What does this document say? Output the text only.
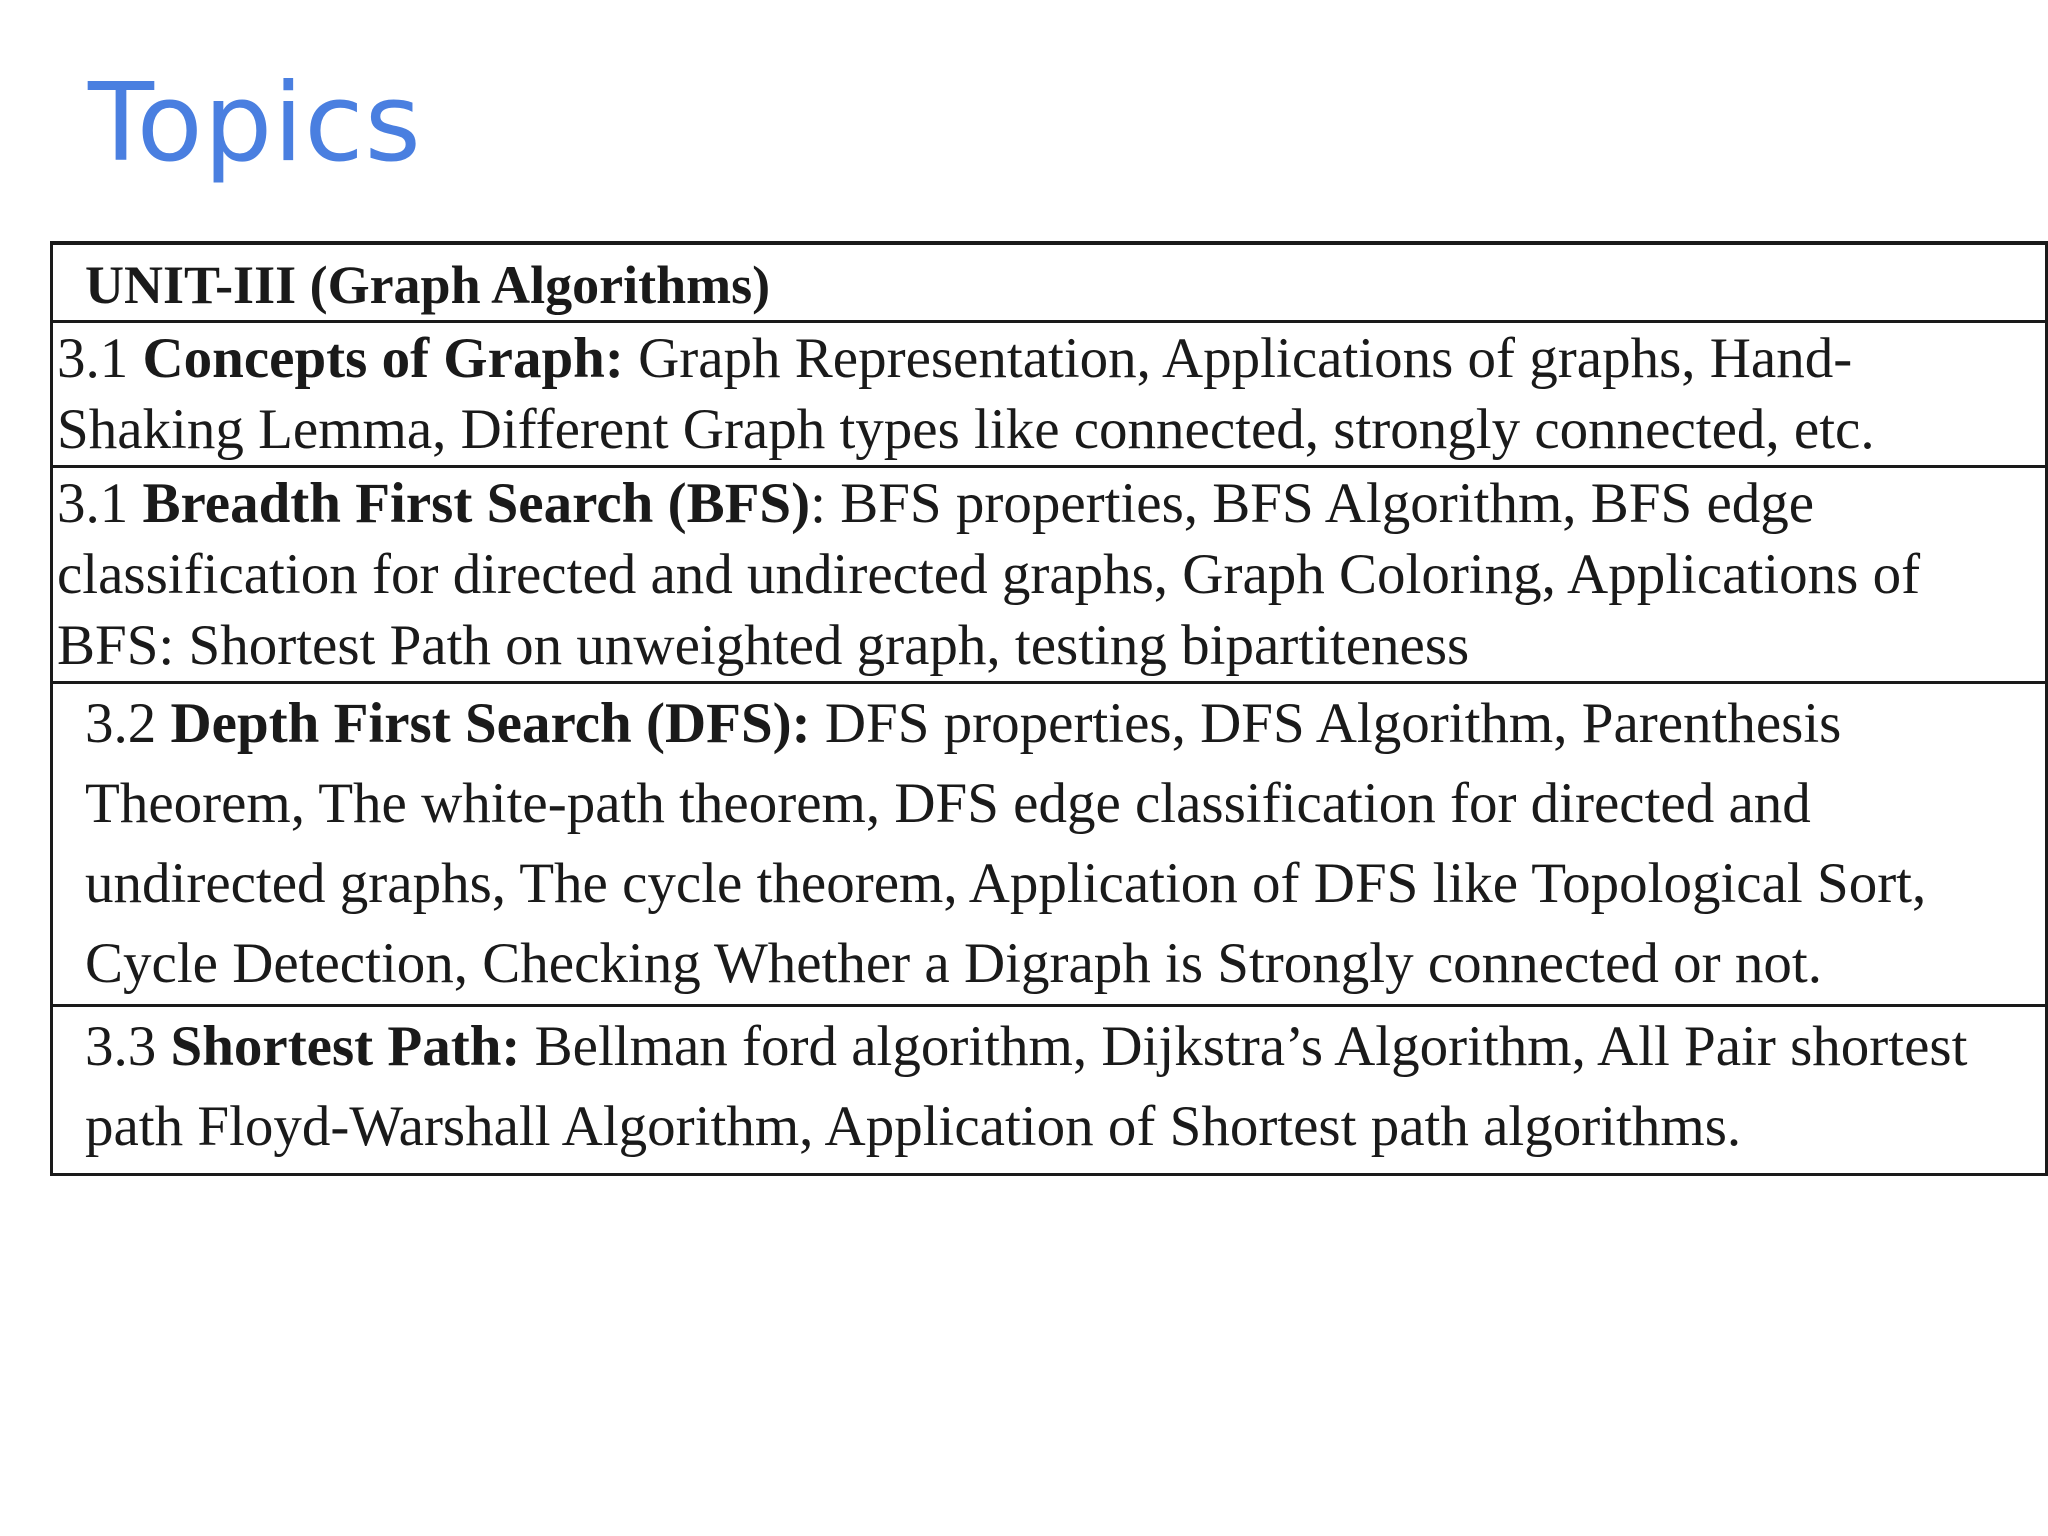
Topics
UNIT-III (Graph Algorithms)
3.1 Concepts of Graph: Graph Representation, Applications of graphs, Hand-Shaking Lemma, Different Graph types like connected, strongly connected, etc.
3.1 Breadth First Search (BFS): BFS properties, BFS Algorithm, BFS edge classification for directed and undirected graphs, Graph Coloring, Applications of BFS: Shortest Path on unweighted graph, testing bipartiteness
3.2 Depth First Search (DFS): DFS properties, DFS Algorithm, Parenthesis Theorem, The white-path theorem, DFS edge classification for directed and undirected graphs, The cycle theorem, Application of DFS like Topological Sort, Cycle Detection, Checking Whether a Digraph is Strongly connected or not.
3.3 Shortest Path: Bellman ford algorithm, Dijkstra’s Algorithm, All Pair shortest path Floyd-Warshall Algorithm, Application of Shortest path algorithms.
